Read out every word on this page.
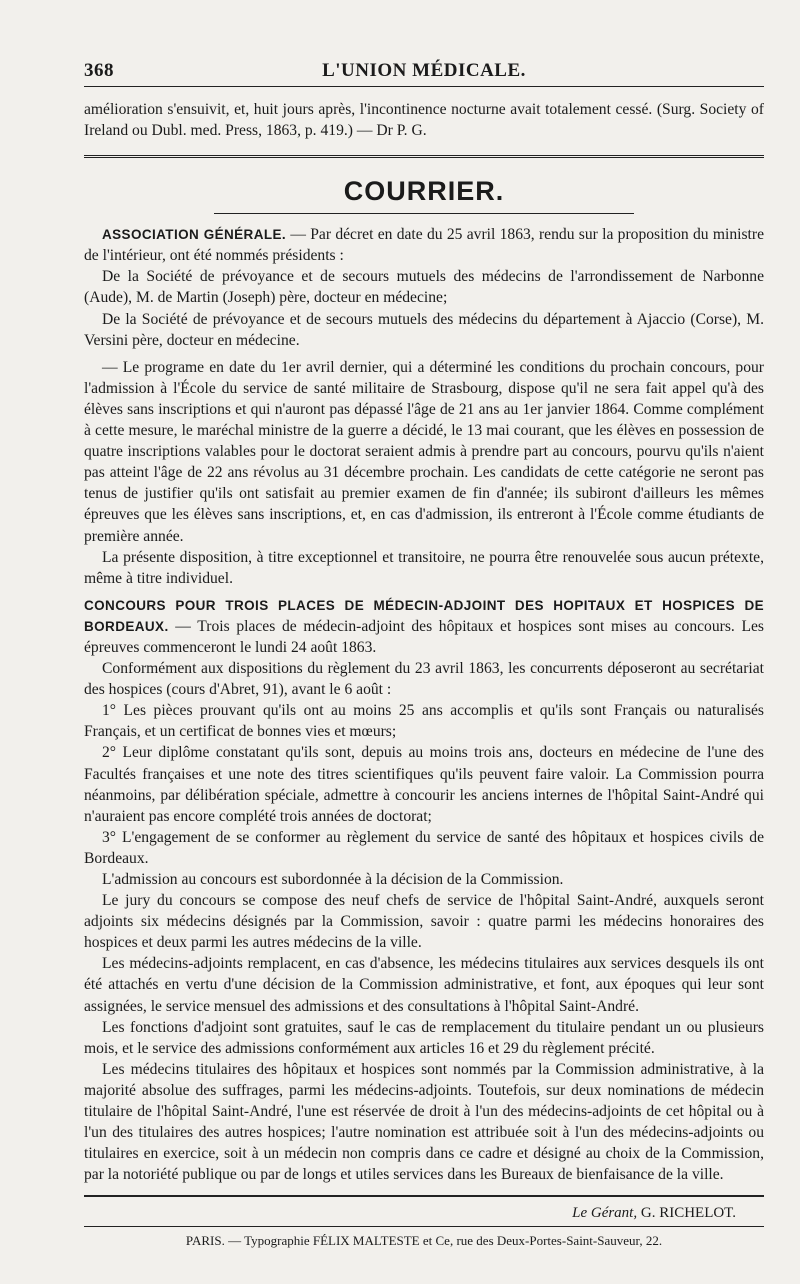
368	L'UNION MÉDICALE.

amélioration s'ensuivit, et, huit jours après, l'incontinence nocturne avait totalement cessé. (Surg. Society of Ireland ou Dubl. med. Press, 1863, p. 419.) — Dr P. G.

COURRIER.

ASSOCIATION GÉNÉRALE. — Par décret en date du 25 avril 1863, rendu sur la proposition du ministre de l'intérieur, ont été nommés présidents :

De la Société de prévoyance et de secours mutuels des médecins de l'arrondissement de Narbonne (Aude), M. de Martin (Joseph) père, docteur en médecine;

De la Société de prévoyance et de secours mutuels des médecins du département à Ajaccio (Corse), M. Versini père, docteur en médecine.

— Le programe en date du 1er avril dernier, qui a déterminé les conditions du prochain concours, pour l'admission à l'École du service de santé militaire de Strasbourg, dispose qu'il ne sera fait appel qu'à des élèves sans inscriptions et qui n'auront pas dépassé l'âge de 21 ans au 1er janvier 1864. Comme complément à cette mesure, le maréchal ministre de la guerre a décidé, le 13 mai courant, que les élèves en possession de quatre inscriptions valables pour le doctorat seraient admis à prendre part au concours, pourvu qu'ils n'aient pas atteint l'âge de 22 ans révolus au 31 décembre prochain. Les candidats de cette catégorie ne seront pas tenus de justifier qu'ils ont satisfait au premier examen de fin d'année; ils subiront d'ailleurs les mêmes épreuves que les élèves sans inscriptions, et, en cas d'admission, ils entreront à l'École comme étudiants de première année.

La présente disposition, à titre exceptionnel et transitoire, ne pourra être renouvelée sous aucun prétexte, même à titre individuel.

CONCOURS POUR TROIS PLACES DE MÉDECIN-ADJOINT DES HOPITAUX ET HOSPICES DE BORDEAUX. — Trois places de médecin-adjoint des hôpitaux et hospices sont mises au concours. Les épreuves commenceront le lundi 24 août 1863.

Conformément aux dispositions du règlement du 23 avril 1863, les concurrents déposeront au secrétariat des hospices (cours d'Abret, 91), avant le 6 août :

1° Les pièces prouvant qu'ils ont au moins 25 ans accomplis et qu'ils sont Français ou naturalisés Français, et un certificat de bonnes vies et mœurs;

2° Leur diplôme constatant qu'ils sont, depuis au moins trois ans, docteurs en médecine de l'une des Facultés françaises et une note des titres scientifiques qu'ils peuvent faire valoir. La Commission pourra néanmoins, par délibération spéciale, admettre à concourir les anciens internes de l'hôpital Saint-André qui n'auraient pas encore complété trois années de doctorat;

3° L'engagement de se conformer au règlement du service de santé des hôpitaux et hospices civils de Bordeaux.

L'admission au concours est subordonnée à la décision de la Commission.

Le jury du concours se compose des neuf chefs de service de l'hôpital Saint-André, auxquels seront adjoints six médecins désignés par la Commission, savoir : quatre parmi les médecins honoraires des hospices et deux parmi les autres médecins de la ville.

Les médecins-adjoints remplacent, en cas d'absence, les médecins titulaires aux services desquels ils ont été attachés en vertu d'une décision de la Commission administrative, et font, aux époques qui leur sont assignées, le service mensuel des admissions et des consultations à l'hôpital Saint-André.

Les fonctions d'adjoint sont gratuites, sauf le cas de remplacement du titulaire pendant un ou plusieurs mois, et le service des admissions conformément aux articles 16 et 29 du règlement précité.

Les médecins titulaires des hôpitaux et hospices sont nommés par la Commission administrative, à la majorité absolue des suffrages, parmi les médecins-adjoints. Toutefois, sur deux nominations de médecin titulaire de l'hôpital Saint-André, l'une est réservée de droit à l'un des médecins-adjoints de cet hôpital ou à l'un des titulaires des autres hospices; l'autre nomination est attribuée soit à l'un des médecins-adjoints ou titulaires en exercice, soit à un médecin non compris dans ce cadre et désigné au choix de la Commission, par la notoriété publique ou par de longs et utiles services dans les Bureaux de bienfaisance de la ville.

Le Gérant, G. RICHELOT.
PARIS. — Typographie FÉLIX MALTESTE et Ce, rue des Deux-Portes-Saint-Sauveur, 22.
